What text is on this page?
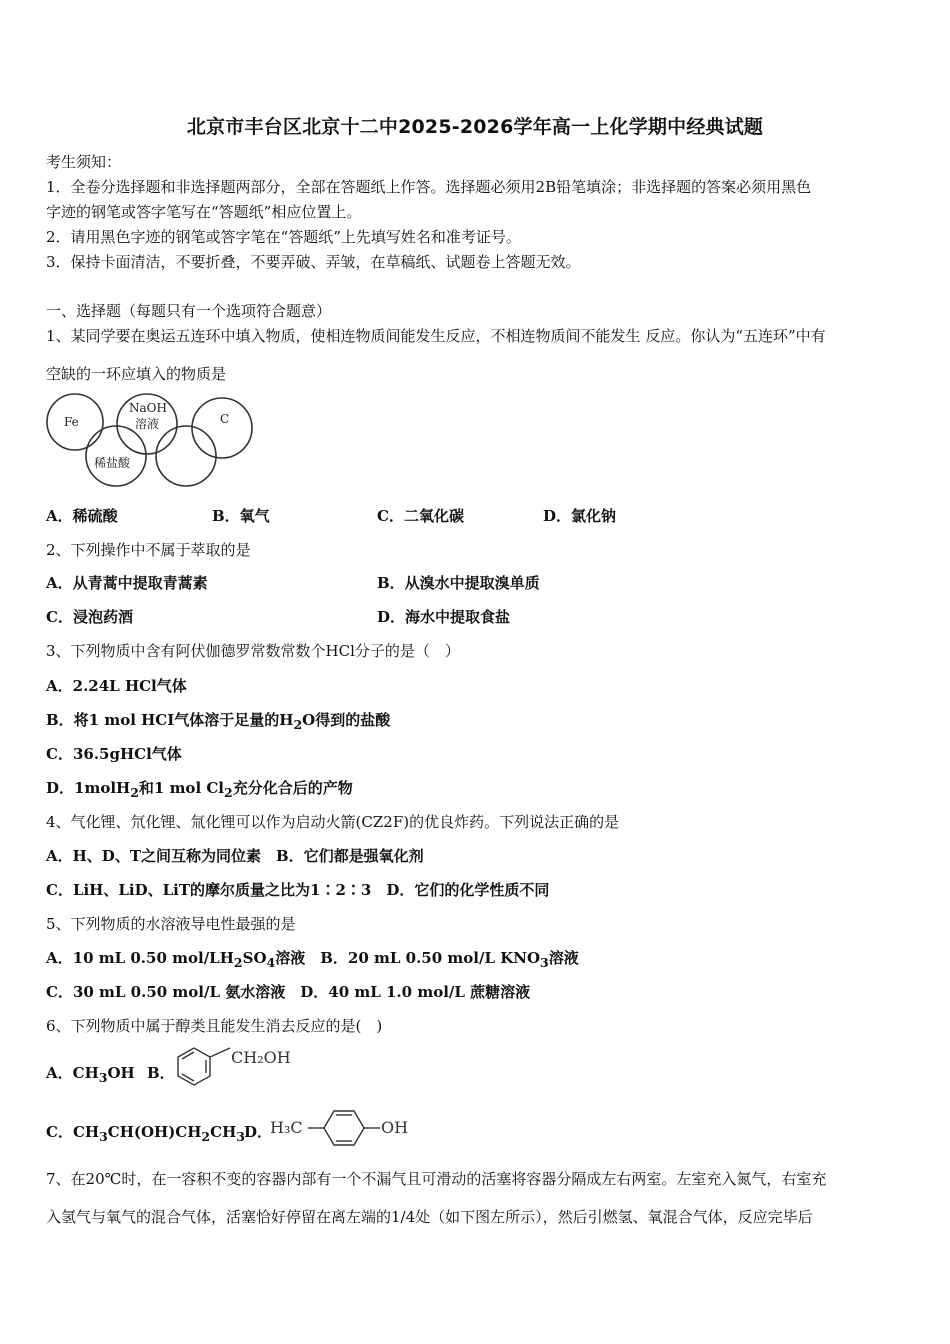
北京市丰台区北京十二中2025-2026学年高一上化学期中经典试题
考生须知：
1．全卷分选择题和非选择题两部分，全部在答题纸上作答。选择题必须用2B铅笔填涂；非选择题的答案必须用黑色
字迹的钢笔或答字笔写在“答题纸”相应位置上。
2．请用黑色字迹的钢笔或答字笔在“答题纸”上先填写姓名和准考证号。
3．保持卡面清洁，不要折叠，不要弄破、弄皱，在草稿纸、试题卷上答题无效。
一、选择题（每题只有一个选项符合题意）
1、某同学要在奥运五连环中填入物质，使相连物质间能发生反应，不相连物质间不能发生 反应。你认为“五连环”中有
空缺的一环应填入的物质是
Fe
NaOH
溶液	C
稀盐酸
A．稀硫酸	B．氧气	C．二氧化碳	D．氯化钠
2、下列操作中不属于萃取的是
A．从青蒿中提取青蒿素	B．从溴水中提取溴单质
C．浸泡药酒	D．海水中提取食盐
3、下列物质中含有阿伏伽德罗常数常数个HCl分子的是（　）
A．2.24L HCl气体
B．将1 mol HCI气体溶于足量的$H_2O$得到的盐酸
C．36.5gHCl气体
D．1molH$_2$和1 mol $Cl_2$充分化合后的产物
4、气化锂、氘化锂、氚化锂可以作为启动火箭(CZ2F)的优良炸药。下列说法正确的是
A．H、D、T之间互称为同位素　B．它们都是强氧化剂
C．LiH、LiD、LiT的摩尔质量之比为1∶2∶3　D．它们的化学性质不同
5、下列物质的水溶液导电性最强的是
A．10 mL 0.50 mol/$LH_2SO_4$溶液　B．20 mL 0.50 mol/L $KNO_3$溶液
C．30 mL 0.50 mol/L 氨水溶液　D．40 mL 1.0 mol/L 蔗糖溶液
6、下列物质中属于醇类且能发生消去反应的是(　)
A．$CH_3OH$ B．
CH₂OH
C．$CH_3CH(OH)CH_2CH_3$ D．
H₃C	OH
7、在20℃时，在一容积不变的容器内部有一个不漏气且可滑动的活塞将容器分隔成左右两室。左室充入氮气，右室充
入氢气与氧气的混合气体，活塞恰好停留在离左端的1/4处（如下图左所示），然后引燃氢、氧混合气体，反应完毕后
